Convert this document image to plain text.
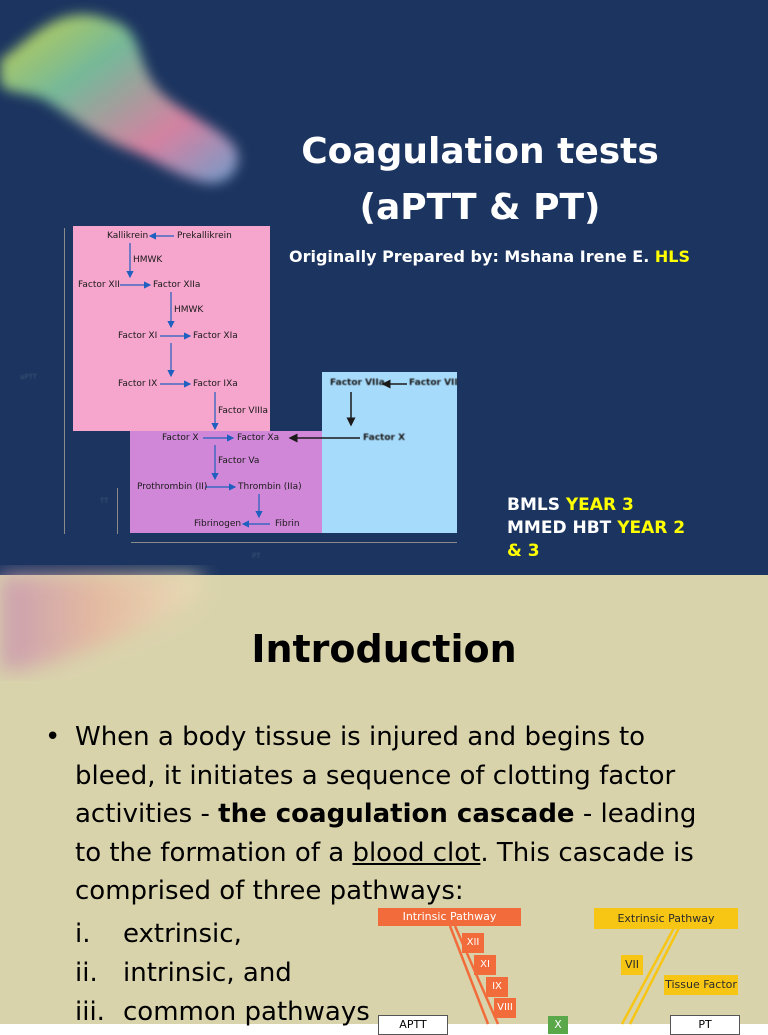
Coagulation tests
(aPTT & PT)
Originally Prepared by: Mshana Irene E. HLS
BMLS YEAR 3
MMED HBT YEAR 2
& 3
aPTT
TT
PT
Kallikrein	Prekallikrein
HMWK
Factor XII	Factor XIIa
HMWK
Factor XI	Factor XIa
Factor IX	Factor IXa
Factor VIIIa
Factor X	Factor Xa
Factor Va
Prothrombin (II)	Thrombin (IIa)
Fibrinogen	Fibrin
Factor VIIa	Factor VII
Factor X
Introduction
• When a body tissue is injured and begins to bleed, it initiates a sequence of clotting factor activities - the coagulation cascade - leading to the formation of a blood clot. This cascade is comprised of three pathways:
i. extrinsic,
ii. intrinsic, and
iii. common pathways
Intrinsic Pathway	Extrinsic Pathway
XII
XI
IX
VIII
VII
Tissue Factor
APTT	PT
X
